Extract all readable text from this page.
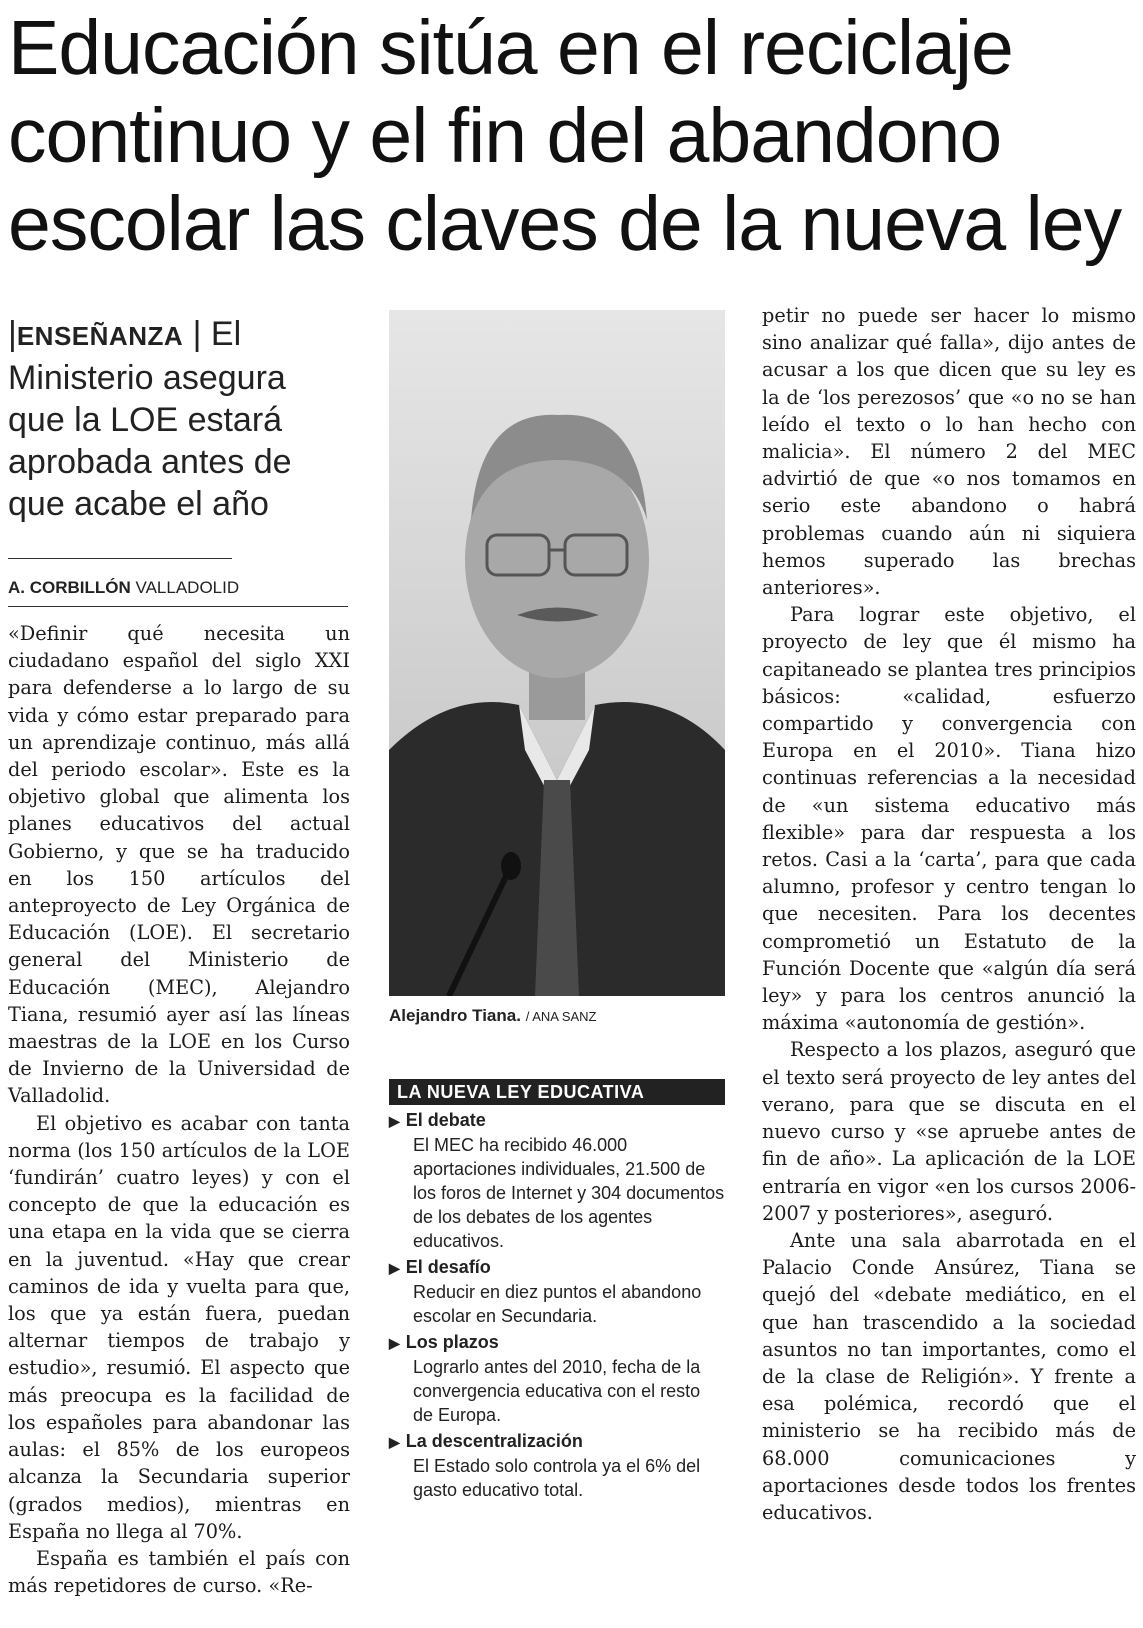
Educación sitúa en el reciclaje
continuo y el fin del abandono
escolar las claves de la nueva ley
|ENSEÑANZA | El Ministerio asegura que la LOE estará aprobada antes de que acabe el año
A. CORBILLÓN VALLADOLID

«Definir qué necesita un ciudadano español del siglo XXI para defenderse a lo largo de su vida y cómo estar preparado para un aprendizaje continuo, más allá del periodo escolar». Este es la objetivo global que alimenta los planes educativos del actual Gobierno, y que se ha traducido en los 150 artículos del anteproyecto de Ley Orgánica de Educación (LOE). El secretario general del Ministerio de Educación (MEC), Alejandro Tiana, resumió ayer así las líneas maestras de la LOE en los Curso de Invierno de la Universidad de Valladolid.

El objetivo es acabar con tanta norma (los 150 artículos de la LOE ‘fundirán’ cuatro leyes) y con el concepto de que la educación es una etapa en la vida que se cierra en la juventud. «Hay que crear caminos de ida y vuelta para que, los que ya están fuera, puedan alternar tiempos de trabajo y estudio», resumió. El aspecto que más preocupa es la facilidad de los españoles para abandonar las aulas: el 85% de los europeos alcanza la Secundaria superior (grados medios), mientras en España no llega al 70%.

España es también el país con más repetidores de curso. «Re-

Alejandro Tiana. / ANA SANZ
LA NUEVA LEY EDUCATIVA
▶ El debate
El MEC ha recibido 46.000 aportaciones individuales, 21.500 de los foros de Internet y 304 documentos de los debates de los agentes educativos.
▶ El desafío
Reducir en diez puntos el abandono escolar en Secundaria.
▶ Los plazos
Lograrlo antes del 2010, fecha de la convergencia educativa con el resto de Europa.
▶ La descentralización
El Estado solo controla ya el 6% del gasto educativo total.

petir no puede ser hacer lo mismo sino analizar qué falla», dijo antes de acusar a los que dicen que su ley es la de ‘los perezosos’ que «o no se han leído el texto o lo han hecho con malicia». El número 2 del MEC advirtió de que «o nos tomamos en serio este abandono o habrá problemas cuando aún ni siquiera hemos superado las brechas anteriores».

Para lograr este objetivo, el proyecto de ley que él mismo ha capitaneado se plantea tres principios básicos: «calidad, esfuerzo compartido y convergencia con Europa en el 2010». Tiana hizo continuas referencias a la necesidad de «un sistema educativo más flexible» para dar respuesta a los retos. Casi a la ‘carta’, para que cada alumno, profesor y centro tengan lo que necesiten. Para los decentes comprometió un Estatuto de la Función Docente que «algún día será ley» y para los centros anunció la máxima «autonomía de gestión».

Respecto a los plazos, aseguró que el texto será proyecto de ley antes del verano, para que se discuta en el nuevo curso y «se apruebe antes de fin de año». La aplicación de la LOE entraría en vigor «en los cursos 2006-2007 y posteriores», aseguró.

Ante una sala abarrotada en el Palacio Conde Ansúrez, Tiana se quejó del «debate mediático, en el que han trascendido a la sociedad asuntos no tan importantes, como el de la clase de Religión». Y frente a esa polémica, recordó que el ministerio se ha recibido más de 68.000 comunicaciones y aportaciones desde todos los frentes educativos.
